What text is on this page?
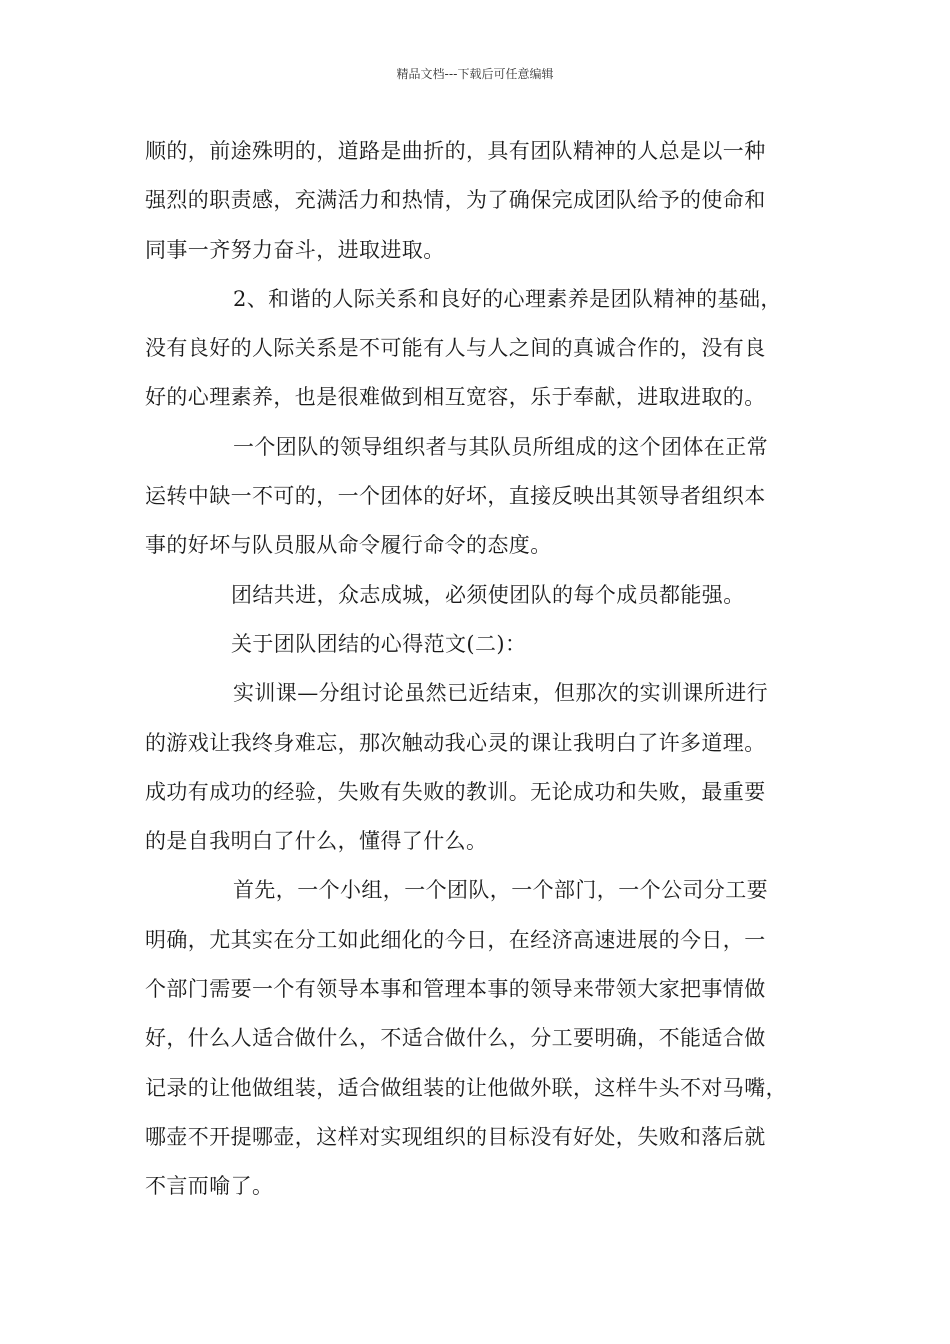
精品文档---下载后可任意编辑
顺的，前途殊明的，道路是曲折的，具有团队精神的人总是以一种
强烈的职责感，充满活力和热情，为了确保完成团队给予的使命和
同事一齐努力奋斗，进取进取。
2、和谐的人际关系和良好的心理素养是团队精神的基础，
没有良好的人际关系是不可能有人与人之间的真诚合作的，没有良
好的心理素养，也是很难做到相互宽容，乐于奉献，进取进取的。
一个团队的领导组织者与其队员所组成的这个团体在正常
运转中缺一不可的，一个团体的好坏，直接反映出其领导者组织本
事的好坏与队员服从命令履行命令的态度。
团结共进，众志成城，必须使团队的每个成员都能强。
关于团队团结的心得范文(二)：
实训课—分组讨论虽然已近结束，但那次的实训课所进行
的游戏让我终身难忘，那次触动我心灵的课让我明白了许多道理。
成功有成功的经验，失败有失败的教训。无论成功和失败，最重要
的是自我明白了什么，懂得了什么。
首先，一个小组，一个团队，一个部门，一个公司分工要
明确，尤其实在分工如此细化的今日，在经济高速进展的今日，一
个部门需要一个有领导本事和管理本事的领导来带领大家把事情做
好，什么人适合做什么，不适合做什么，分工要明确，不能适合做
记录的让他做组装，适合做组装的让他做外联，这样牛头不对马嘴，
哪壶不开提哪壶，这样对实现组织的目标没有好处，失败和落后就
不言而喻了。
